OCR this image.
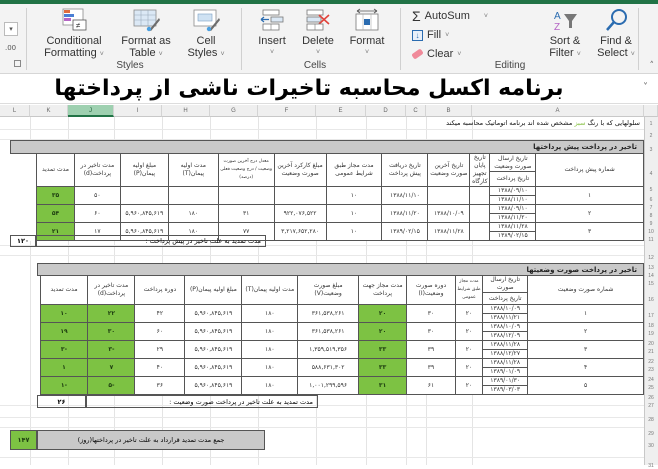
▾
.00
≠
Conditional
Formatting ˅
Format as
Table ˅
Cell
Styles ˅
Styles
Insert
˅
Delete
˅
Format
˅
Cells
Σ AutoSum ˅
↓ Fill ˅
Clear ˅
A
Z
Sort &
Filter ˅
Find &
Select ˅
Editing	˄
برنامه اکسل محاسبه تاخیرات ناشی از پرداختها	˅
L	K	J	I	H	G	F	E	D	C	B	A
1
2
3
4
5
6
7
8
9
10
11
12
13
14
15
16
17
18
19
20
21
22
23
24
25
26
27
28
29
30
31
سلولهایی که با رنگ سبز مشخص شده اند برنامه اتوماتیک محاسبه میکند
تاخیر در پرداخت پیش پرداختها												
شماره پیش پرداخت	تاریخ ارسال صورت وضعیت	تاریخ پایان تجهیز کارگاه	تاریخ آخرین صورت وضعیت	تاریخ دریافت پیش پرداخت	مدت مجاز طبق شرایط عمومی	مبلغ کارکرد آخرین صورت وضعیت	معدل درج آخرین صورت وضعیت / درج وضعیت فعلی (درصد)	مدت اولیه پیمان(T)	مبلغ اولیه پیمان(P)	مدت تاخیر در پرداخت(d)	مدت تمدید	
	تاریخ پرداخت											
۱	۱۳۸۸/۰۹/۱۰			۱۳۸۸/۱۱/۱۰	۱۰					۵۰	۳۵	
	۱۳۸۸/۱۱/۱۰											
۲	۱۳۸۸/۰۹/۱۰		۱۳۸۸/۱۰/۰۹	۱۳۸۸/۱۱/۲۰	۱۰	۹۲۲,۰۷۶,۵۲۲	۳۱	۱۸۰	۵,۹۶۰,۸۴۵,۶۱۹	۶۰	۵۴	
	۱۳۸۸/۱۱/۲۰											
۳	۱۳۸۸/۱۱/۲۸		۱۳۸۸/۱۱/۲۸	۱۳۸۹/۰۲/۱۵	۱۰	۳,۲۱۷,۶۵۲,۲۸۰	۷۷	۱۸۰	۵,۹۶۰,۸۴۵,۶۱۹	۱۷	۲۱	
	۱۳۸۹/۰۲/۱۵											
مدت تمدید به علت تاخیر در پیش پرداخت :
۱۲۰
تاخیر در پرداخت صورت وضعیتها											
شماره صورت وضعیت	تاریخ ارسال صورت	مدت مجاز طبق شرایط عمومی	دوره صورت وضعیت(I)	مدت مجاز جهت پرداخت	مبلغ صورت وضعیت(V)	مدت اولیه پیمان(T)	مبلغ اولیه پیمان(P)	دوره پرداخت	مدت تاخیر در پرداخت(d)	مدت تمدید	
	تاریخ پرداخت										
۱	۱۳۸۸/۱۰/۰۹	۲۰	۳۰	۲۰	۳۶۱,۵۳۸,۲۶۱	۱۸۰	۵,۹۶۰,۸۴۵,۶۱۹	۴۲	۲۲	۱۰	
	۱۳۸۸/۱۱/۲۱										
۲	۱۳۸۸/۱۰/۰۹	۲۰	۳۰	۲۰	۳۶۱,۵۳۸,۲۶۱	۱۸۰	۵,۹۶۰,۸۴۵,۶۱۹	۶۰	۳۰	۱۹	
	۱۳۸۸/۱۲/۰۹										
۳	۱۳۸۸/۱۱/۲۸	۲۰	۳۹	۳۳	۱,۳۵۹,۵۱۹,۳۵۶	۱۸۰	۵,۹۶۰,۸۴۵,۶۱۹	۲۹	-۳	-۳	
	۱۳۸۸/۱۲/۲۷										
۴	۱۳۸۸/۱۱/۲۸	۲۰	۳۹	۳۳	۵۸۸,۶۳۱,۳۰۲	۱۸۰	۵,۹۶۰,۸۴۵,۶۱۹	۴۰	۷	۱	
	۱۳۸۹/۰۱/۰۹										
۵	۱۳۸۹/۰۱/۳۰	۲۰	۶۱	۳۱	۱,۰۰۱,۲۹۹,۵۹۶	۱۸۰	۵,۹۶۰,۸۴۵,۶۱۹	۳۶	-۵	-۱	
	۱۳۸۹/۰۳/۰۳										
مدت تمدید به علت تاخیر در پرداخت صورت وضعیت :
۲۶
جمع مدت تمدید قرارداد به علت تاخیر در پرداختها(روز)
۱۴۷
